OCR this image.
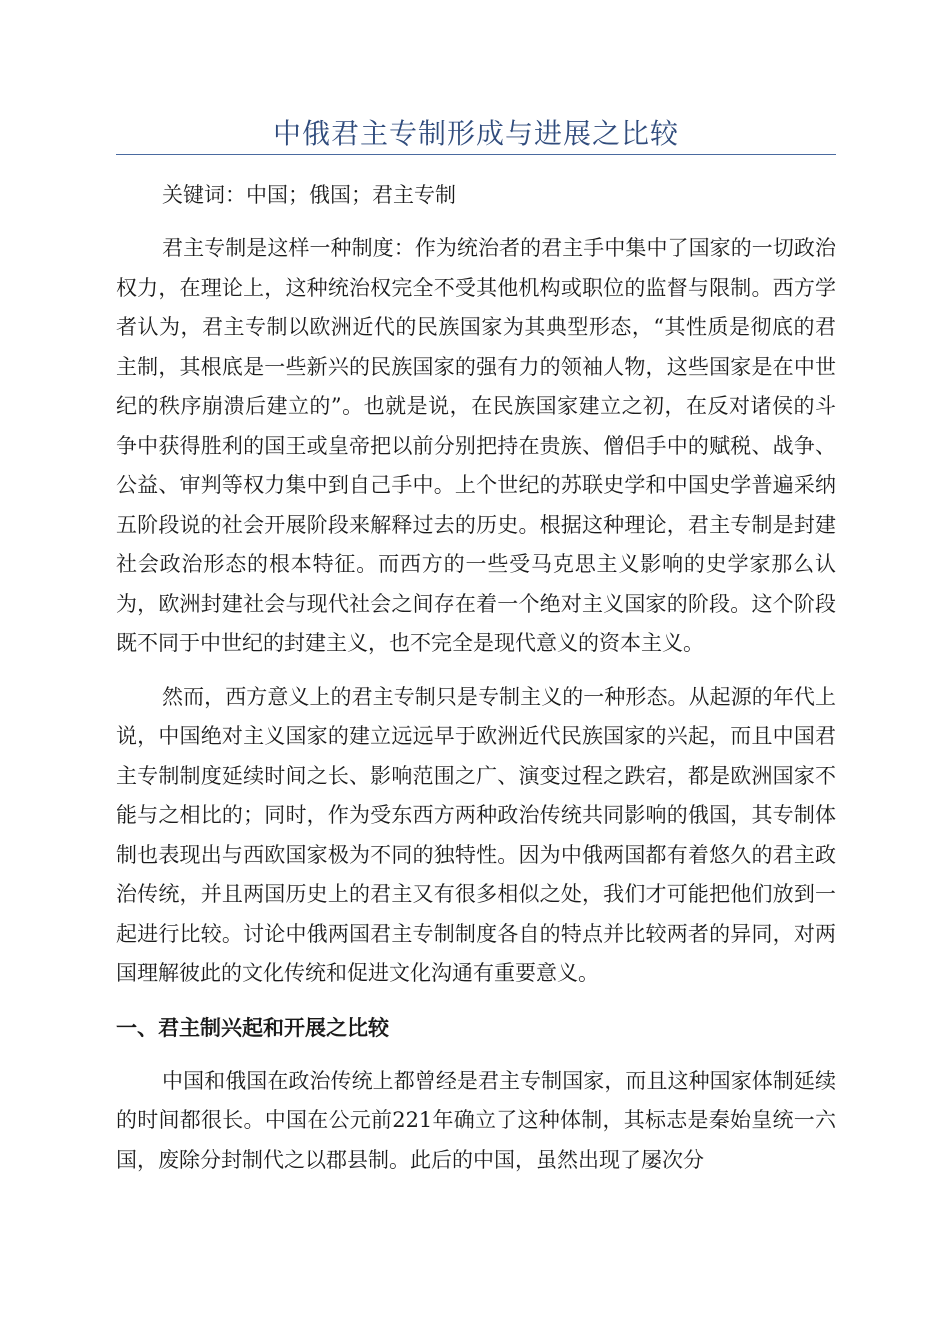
中俄君主专制形成与进展之比较

关键词：中国；俄国；君主专制

君主专制是这样一种制度：作为统治者的君主手中集中了国家的一切政治权力，在理论上，这种统治权完全不受其他机构或职位的监督与限制。西方学者认为，君主专制以欧洲近代的民族国家为其典型形态，“其性质是彻底的君主制，其根底是一些新兴的民族国家的强有力的领袖人物，这些国家是在中世纪的秩序崩溃后建立的”。也就是说，在民族国家建立之初，在反对诸侯的斗争中获得胜利的国王或皇帝把以前分别把持在贵族、僧侣手中的赋税、战争、公益、审判等权力集中到自己手中。上个世纪的苏联史学和中国史学普遍采纳五阶段说的社会开展阶段来解释过去的历史。根据这种理论，君主专制是封建社会政治形态的根本特征。而西方的一些受马克思主义影响的史学家那么认为，欧洲封建社会与现代社会之间存在着一个绝对主义国家的阶段。这个阶段既不同于中世纪的封建主义，也不完全是现代意义的资本主义。

然而，西方意义上的君主专制只是专制主义的一种形态。从起源的年代上说，中国绝对主义国家的建立远远早于欧洲近代民族国家的兴起，而且中国君主专制制度延续时间之长、影响范围之广、演变过程之跌宕，都是欧洲国家不能与之相比的；同时，作为受东西方两种政治传统共同影响的俄国，其专制体制也表现出与西欧国家极为不同的独特性。因为中俄两国都有着悠久的君主政治传统，并且两国历史上的君主又有很多相似之处，我们才可能把他们放到一起进行比较。讨论中俄两国君主专制制度各自的特点并比较两者的异同，对两国理解彼此的文化传统和促进文化沟通有重要意义。

一、君主制兴起和开展之比较

中国和俄国在政治传统上都曾经是君主专制国家，而且这种国家体制延续的时间都很长。中国在公元前221年确立了这种体制，其标志是秦始皇统一六国，废除分封制代之以郡县制。此后的中国，虽然出现了屡次分
